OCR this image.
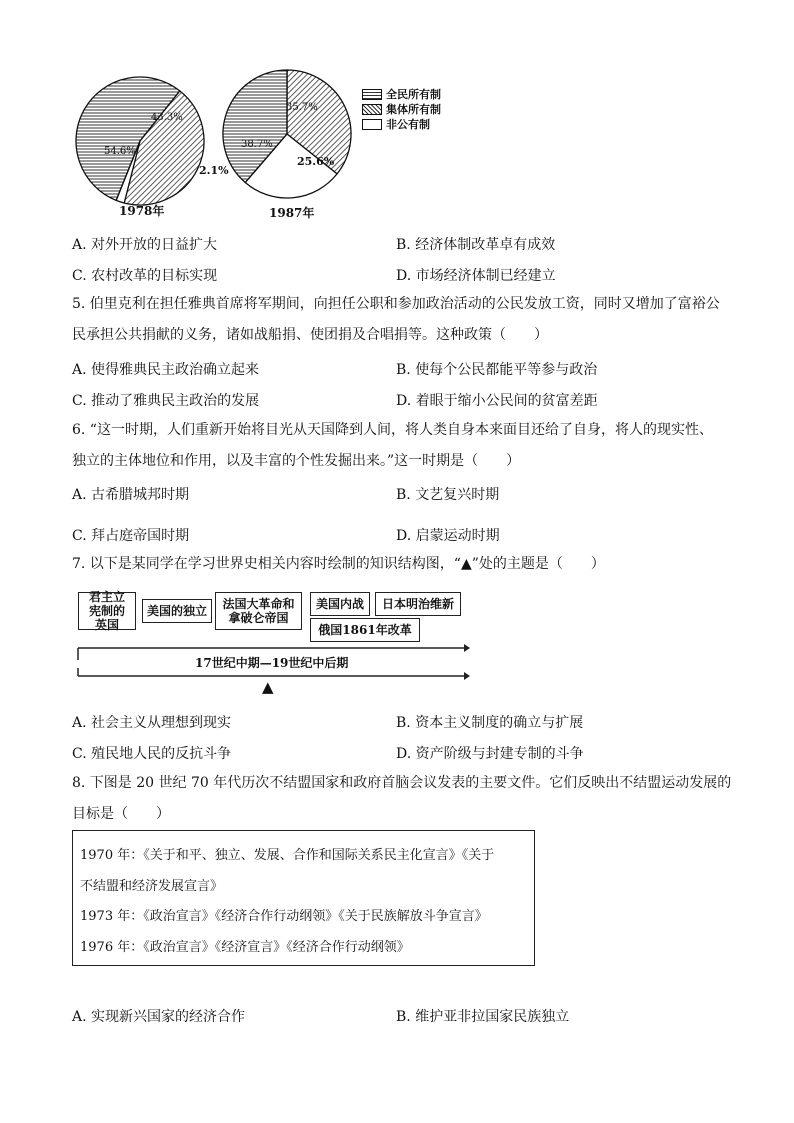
54.6%
43.3%
2.1%
1978年
38.7%
35.7%
25.6%
1987年
全民所有制
集体所有制
非公有制
A. 对外开放的日益扩大	B. 经济体制改革卓有成效
C. 农村改革的目标实现	D. 市场经济体制已经建立
5. 伯里克利在担任雅典首席将军期间，向担任公职和参加政治活动的公民发放工资，同时又增加了富裕公
民承担公共捐献的义务，诸如战船捐、使团捐及合唱捐等。这种政策（　　）
A. 使得雅典民主政治确立起来	B. 使每个公民都能平等参与政治
C. 推动了雅典民主政治的发展	D. 着眼于缩小公民间的贫富差距
6. “这一时期，人们重新开始将目光从天国降到人间，将人类自身本来面目还给了自身，将人的现实性、
独立的主体地位和作用，以及丰富的个性发掘出来。”这一时期是（　　）
A. 古希腊城邦时期	B. 文艺复兴时期
C. 拜占庭帝国时期	D. 启蒙运动时期
7. 以下是某同学在学习世界史相关内容时绘制的知识结构图，“▲”处的主题是（　　）
君主立宪制的英国
美国的独立	法国大革命和拿破仑帝国
美国内战	日本明治维新
俄国1861年改革
17世纪中期—19世纪中后期
▲
A. 社会主义从理想到现实	B. 资本主义制度的确立与扩展
C. 殖民地人民的反抗斗争	D. 资产阶级与封建专制的斗争
8. 下图是 20 世纪 70 年代历次不结盟国家和政府首脑会议发表的主要文件。它们反映出不结盟运动发展的
目标是（　　）
1970 年：《关于和平、独立、发展、合作和国际关系民主化宣言》《关于
不结盟和经济发展宣言》
1973 年：《政治宣言》《经济合作行动纲领》《关于民族解放斗争宣言》
1976 年：《政治宣言》《经济宣言》《经济合作行动纲领》
A. 实现新兴国家的经济合作	B. 维护亚非拉国家民族独立
